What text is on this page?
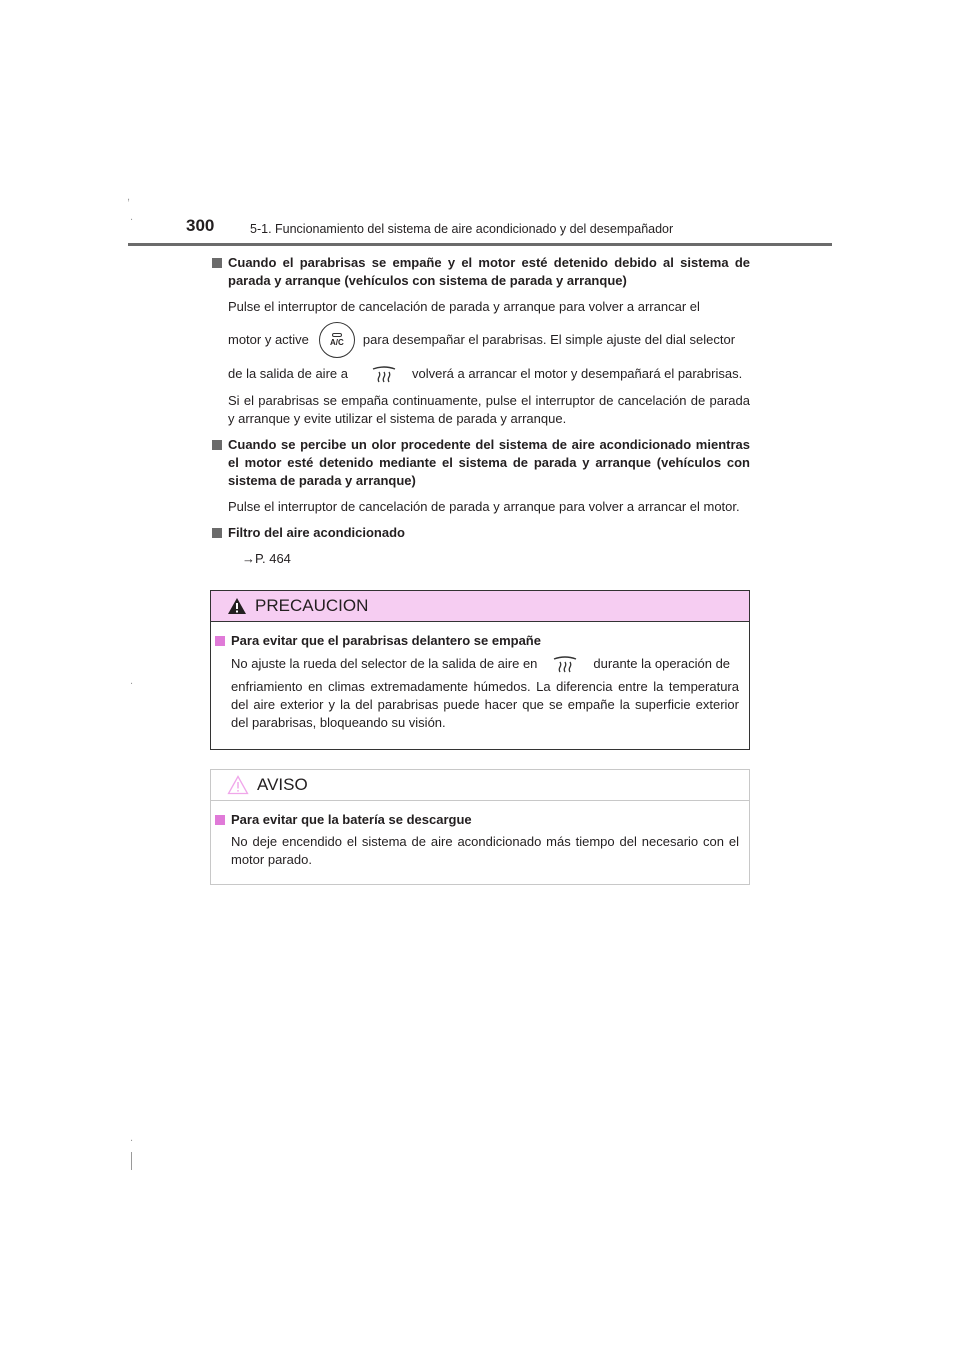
,
.
.
.
300	5-1. Funcionamiento del sistema de aire acondicionado y del desempañador
Cuando el parabrisas se empañe y el motor esté detenido debido al sistema de parada y arranque (vehículos con sistema de parada y arranque)
Pulse el interruptor de cancelación de parada y arranque para volver a arrancar el
motor y active	A/C para desempañar el parabrisas. El simple ajuste del dial selector
de la salida de aire a	volverá a arrancar el motor y desempañará el parabrisas.
Si el parabrisas se empaña continuamente, pulse el interruptor de cancelación de parada y arranque y evite utilizar el sistema de parada y arranque.
Cuando se percibe un olor procedente del sistema de aire acondicionado mientras el motor esté detenido mediante el sistema de parada y arranque (vehículos con sistema de parada y arranque)
Pulse el interruptor de cancelación de parada y arranque para volver a arrancar el motor.
Filtro del aire acondicionado
→P. 464
PRECAUCION
Para evitar que el parabrisas delantero se empañe
No ajuste la rueda del selector de la salida de aire en	durante la operación de
enfriamiento en climas extremadamente húmedos. La diferencia entre la temperatura del aire exterior y la del parabrisas puede hacer que se empañe la superficie exterior del parabrisas, bloqueando su visión.
AVISO
Para evitar que la batería se descargue
No deje encendido el sistema de aire acondicionado más tiempo del necesario con el motor parado.
